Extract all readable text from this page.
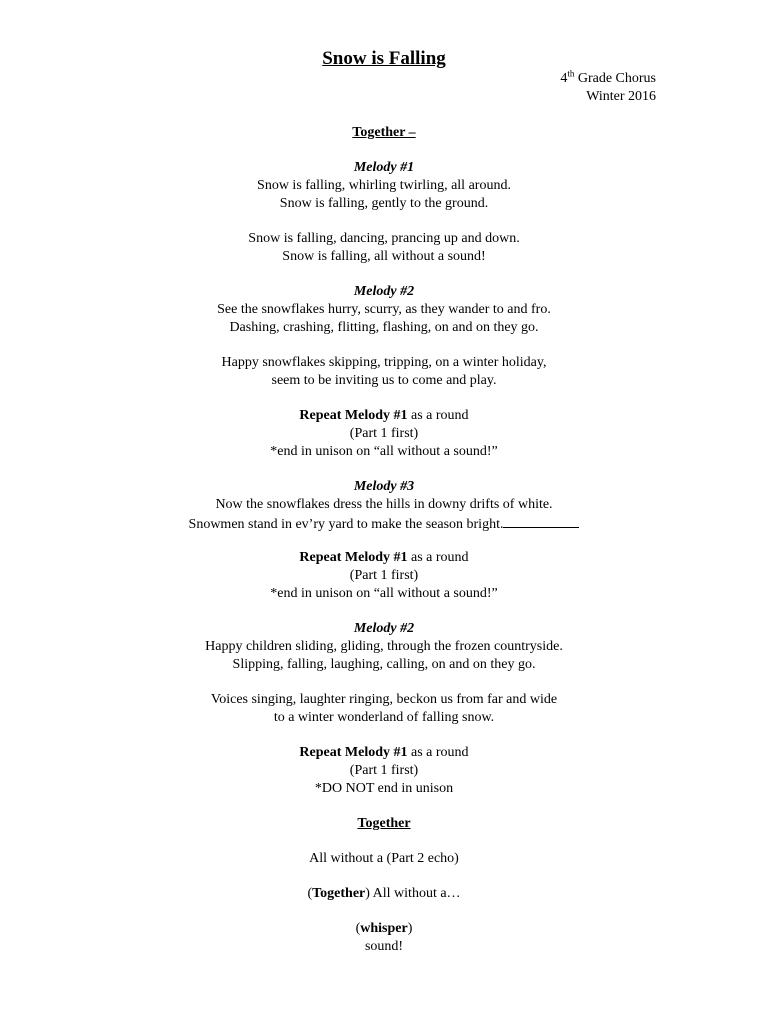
Snow is Falling
4th Grade Chorus
Winter 2016
Together –
Melody #1
Snow is falling, whirling twirling, all around.
Snow is falling, gently to the ground.
Snow is falling, dancing, prancing up and down.
Snow is falling, all without a sound!
Melody #2
See the snowflakes hurry, scurry, as they wander to and fro.
Dashing, crashing, flitting, flashing, on and on they go.
Happy snowflakes skipping, tripping, on a winter holiday,
seem to be inviting us to come and play.
Repeat Melody #1 as a round
(Part 1 first)
*end in unison on “all without a sound!”
Melody #3
Now the snowflakes dress the hills in downy drifts of white.
Snowmen stand in ev’ry yard to make the season bright.
Repeat Melody #1 as a round
(Part 1 first)
*end in unison on “all without a sound!”
Melody #2
Happy children sliding, gliding, through the frozen countryside.
Slipping, falling, laughing, calling, on and on they go.
Voices singing, laughter ringing, beckon us from far and wide
to a winter wonderland of falling snow.
Repeat Melody #1 as a round
(Part 1 first)
*DO NOT end in unison
Together
All without a (Part 2 echo)
(Together) All without a…
(whisper)
sound!
